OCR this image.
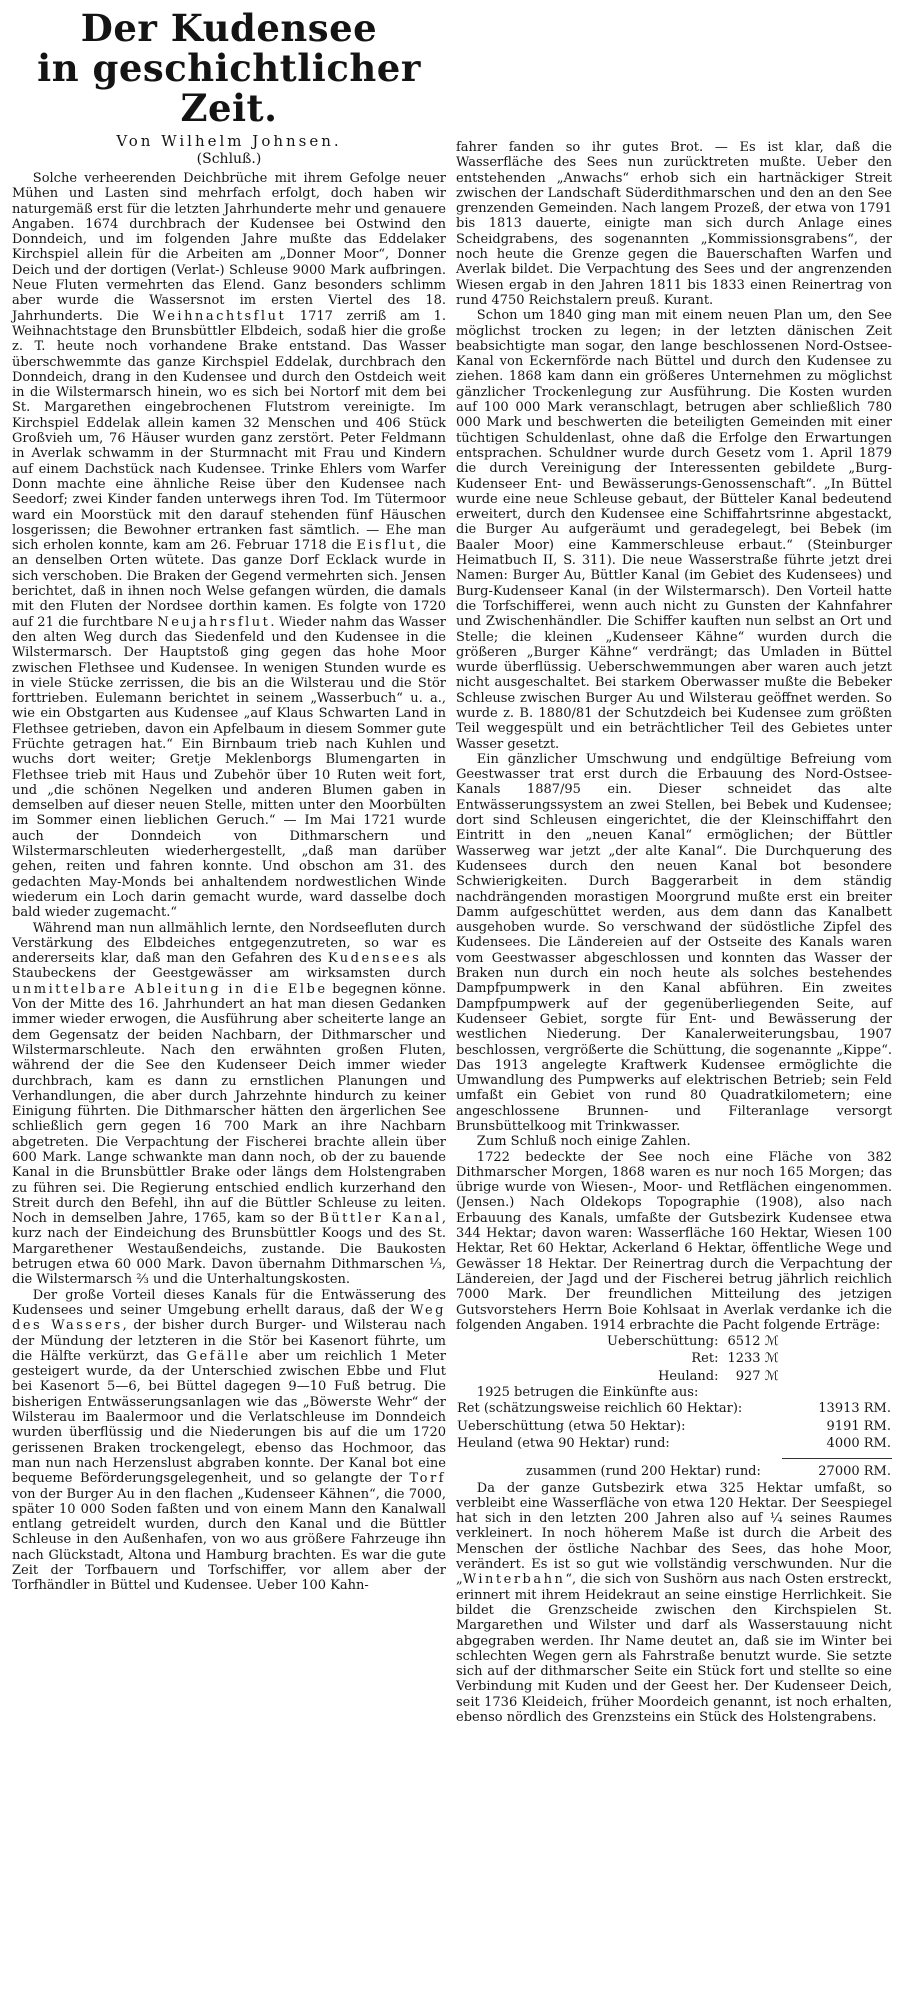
Der Kudensee
in geschichtlicher Zeit.
Von Wilhelm Johnsen.
(Schluß.)

Solche verheerenden Deichbrüche mit ihrem Gefolge neuer Mühen und Lasten sind mehrfach erfolgt, doch haben wir naturgemäß erst für die letzten Jahrhunderte mehr und genauere Angaben. 1674 durchbrach der Kudensee bei Ostwind den Donndeich, und im folgenden Jahre mußte das Eddelaker Kirchspiel allein für die Arbeiten am „Donner Moor“, Donner Deich und der dortigen (Verlat-) Schleuse 9000 Mark aufbringen. Neue Fluten vermehrten das Elend. Ganz besonders schlimm aber wurde die Wassersnot im ersten Viertel des 18. Jahrhunderts. Die Weihnachtsflut 1717 zerriß am 1. Weihnachtstage den Brunsbüttler Elbdeich, sodaß hier die große z. T. heute noch vorhandene Brake entstand. Das Wasser überschwemmte das ganze Kirchspiel Eddelak, durchbrach den Donndeich, drang in den Kudensee und durch den Ostdeich weit in die Wilstermarsch hinein, wo es sich bei Nortorf mit dem bei St. Margarethen eingebrochenen Flutstrom vereinigte. Im Kirchspiel Eddelak allein kamen 32 Menschen und 406 Stück Großvieh um, 76 Häuser wurden ganz zerstört. Peter Feldmann in Averlak schwamm in der Sturmnacht mit Frau und Kindern auf einem Dachstück nach Kudensee. Trinke Ehlers vom Warfer Donn machte eine ähnliche Reise über den Kudensee nach Seedorf; zwei Kinder fanden unterwegs ihren Tod. Im Tütermoor ward ein Moorstück mit den darauf stehenden fünf Häuschen losgerissen; die Bewohner ertranken fast sämtlich. — Ehe man sich erholen konnte, kam am 26. Februar 1718 die Eisflut, die an denselben Orten wütete. Das ganze Dorf Ecklack wurde in sich verschoben. Die Braken der Gegend vermehrten sich. Jensen berichtet, daß in ihnen noch Welse gefangen würden, die damals mit den Fluten der Nordsee dorthin kamen. Es folgte von 1720 auf 21 die furchtbare Neujahrsflut. Wieder nahm das Wasser den alten Weg durch das Siedenfeld und den Kudensee in die Wilstermarsch. Der Hauptstoß ging gegen das hohe Moor zwischen Flethsee und Kudensee. In wenigen Stunden wurde es in viele Stücke zerrissen, die bis an die Wilsterau und die Stör forttrieben. Eulemann berichtet in seinem „Wasserbuch“ u. a., wie ein Obstgarten aus Kudensee „auf Klaus Schwarten Land in Flethsee getrieben, davon ein Apfelbaum in diesem Sommer gute Früchte getragen hat.“ Ein Birnbaum trieb nach Kuhlen und wuchs dort weiter; Gretje Meklenborgs Blumengarten in Flethsee trieb mit Haus und Zubehör über 10 Ruten weit fort, und „die schönen Negelken und anderen Blumen gaben in demselben auf dieser neuen Stelle, mitten unter den Moorbülten im Sommer einen lieblichen Geruch.“ — Im Mai 1721 wurde auch der Donndeich von Dithmarschern und Wilstermarschleuten wiederhergestellt, „daß man darüber gehen, reiten und fahren konnte. Und obschon am 31. des gedachten May-Monds bei anhaltendem nordwestlichen Winde wiederum ein Loch darin gemacht wurde, ward dasselbe doch bald wieder zugemacht.“

Während man nun allmählich lernte, den Nordseefluten durch Verstärkung des Elbdeiches entgegenzutreten, so war es andererseits klar, daß man den Gefahren des Kudensees als Staubeckens der Geestgewässer am wirksamsten durch unmittelbare Ableitung in die Elbe begegnen könne. Von der Mitte des 16. Jahrhundert an hat man diesen Gedanken immer wieder erwogen, die Ausführung aber scheiterte lange an dem Gegensatz der beiden Nachbarn, der Dithmarscher und Wilstermarschleute. Nach den erwähnten großen Fluten, während der die See den Kudenseer Deich immer wieder durchbrach, kam es dann zu ernstlichen Planungen und Verhandlungen, die aber durch Jahrzehnte hindurch zu keiner Einigung führten. Die Dithmarscher hätten den ärgerlichen See schließlich gern gegen 16 700 Mark an ihre Nachbarn abgetreten. Die Verpachtung der Fischerei brachte allein über 600 Mark. Lange schwankte man dann noch, ob der zu bauende Kanal in die Brunsbüttler Brake oder längs dem Holstengraben zu führen sei. Die Regierung entschied endlich kurzerhand den Streit durch den Befehl, ihn auf die Büttler Schleuse zu leiten. Noch in demselben Jahre, 1765, kam so der Büttler Kanal, kurz nach der Eindeichung des Brunsbüttler Koogs und des St. Margarethener Westaußendeichs, zustande. Die Baukosten betrugen etwa 60 000 Mark. Davon übernahm Dithmarschen ⅓, die Wilstermarsch ⅔ und die Unterhaltungskosten.

Der große Vorteil dieses Kanals für die Entwässerung des Kudensees und seiner Umgebung erhellt daraus, daß der Weg des Wassers, der bisher durch Burger- und Wilsterau nach der Mündung der letzteren in die Stör bei Kasenort führte, um die Hälfte verkürzt, das Gefälle aber um reichlich 1 Meter gesteigert wurde, da der Unterschied zwischen Ebbe und Flut bei Kasenort 5—6, bei Büttel dagegen 9—10 Fuß betrug. Die bisherigen Entwässerungsanlagen wie das „Böwerste Wehr“ der Wilsterau im Baalermoor und die Verlatschleuse im Donndeich wurden überflüssig und die Niederungen bis auf die um 1720 gerissenen Braken trockengelegt, ebenso das Hochmoor, das man nun nach Herzenslust abgraben konnte. Der Kanal bot eine bequeme Beförderungsgelegenheit, und so gelangte der Torf von der Burger Au in den flachen „Kudenseer Kähnen“, die 7000, später 10 000 Soden faßten und von einem Mann den Kanalwall entlang getreidelt wurden, durch den Kanal und die Büttler Schleuse in den Außenhafen, von wo aus größere Fahrzeuge ihn nach Glückstadt, Altona und Hamburg brachten. Es war die gute Zeit der Torfbauern und Torfschiffer, vor allem aber der Torfhändler in Büttel und Kudensee. Ueber 100 Kahn-

fahrer fanden so ihr gutes Brot. — Es ist klar, daß die Wasserfläche des Sees nun zurücktreten mußte. Ueber den entstehenden „Anwachs“ erhob sich ein hartnäckiger Streit zwischen der Landschaft Süderdithmarschen und den an den See grenzenden Gemeinden. Nach langem Prozeß, der etwa von 1791 bis 1813 dauerte, einigte man sich durch Anlage eines Scheidgrabens, des sogenannten „Kommissionsgrabens“, der noch heute die Grenze gegen die Bauerschaften Warfen und Averlak bildet. Die Verpachtung des Sees und der angrenzenden Wiesen ergab in den Jahren 1811 bis 1833 einen Reinertrag von rund 4750 Reichstalern preuß. Kurant.

Schon um 1840 ging man mit einem neuen Plan um, den See möglichst trocken zu legen; in der letzten dänischen Zeit beabsichtigte man sogar, den lange beschlossenen Nord-Ostsee-Kanal von Eckernförde nach Büttel und durch den Kudensee zu ziehen. 1868 kam dann ein größeres Unternehmen zu möglichst gänzlicher Trockenlegung zur Ausführung. Die Kosten wurden auf 100 000 Mark veranschlagt, betrugen aber schließlich 780 000 Mark und beschwerten die beteiligten Gemeinden mit einer tüchtigen Schuldenlast, ohne daß die Erfolge den Erwartungen entsprachen. Schuldner wurde durch Gesetz vom 1. April 1879 die durch Vereinigung der Interessenten gebildete „Burg-Kudenseer Ent- und Bewässerungs-Genossenschaft“. „In Büttel wurde eine neue Schleuse gebaut, der Bütteler Kanal bedeutend erweitert, durch den Kudensee eine Schiffahrtsrinne abgestackt, die Burger Au aufgeräumt und geradegelegt, bei Bebek (im Baaler Moor) eine Kammerschleuse erbaut.“ (Steinburger Heimatbuch II, S. 311). Die neue Wasserstraße führte jetzt drei Namen: Burger Au, Büttler Kanal (im Gebiet des Kudensees) und Burg-Kudenseer Kanal (in der Wilstermarsch). Den Vorteil hatte die Torfschifferei, wenn auch nicht zu Gunsten der Kahnfahrer und Zwischenhändler. Die Schiffer kauften nun selbst an Ort und Stelle; die kleinen „Kudenseer Kähne“ wurden durch die größeren „Burger Kähne“ verdrängt; das Umladen in Büttel wurde überflüssig. Ueberschwemmungen aber waren auch jetzt nicht ausgeschaltet. Bei starkem Oberwasser mußte die Bebeker Schleuse zwischen Burger Au und Wilsterau geöffnet werden. So wurde z. B. 1880/81 der Schutzdeich bei Kudensee zum größten Teil weggespült und ein beträchtlicher Teil des Gebietes unter Wasser gesetzt.

Ein gänzlicher Umschwung und endgültige Befreiung vom Geestwasser trat erst durch die Erbauung des Nord-Ostsee-Kanals 1887/95 ein. Dieser schneidet das alte Entwässerungssystem an zwei Stellen, bei Bebek und Kudensee; dort sind Schleusen eingerichtet, die der Kleinschiffahrt den Eintritt in den „neuen Kanal“ ermöglichen; der Büttler Wasserweg war jetzt „der alte Kanal“. Die Durchquerung des Kudensees durch den neuen Kanal bot besondere Schwierigkeiten. Durch Baggerarbeit in dem ständig nachdrängenden morastigen Moorgrund mußte erst ein breiter Damm aufgeschüttet werden, aus dem dann das Kanalbett ausgehoben wurde. So verschwand der südöstliche Zipfel des Kudensees. Die Ländereien auf der Ostseite des Kanals waren vom Geestwasser abgeschlossen und konnten das Wasser der Braken nun durch ein noch heute als solches bestehendes Dampfpumpwerk in den Kanal abführen. Ein zweites Dampfpumpwerk auf der gegenüberliegenden Seite, auf Kudenseer Gebiet, sorgte für Ent- und Bewässerung der westlichen Niederung. Der Kanalerweiterungsbau, 1907 beschlossen, vergrößerte die Schüttung, die sogenannte „Kippe“. Das 1913 angelegte Kraftwerk Kudensee ermöglichte die Umwandlung des Pumpwerks auf elektrischen Betrieb; sein Feld umfaßt ein Gebiet von rund 80 Quadratkilometern; eine angeschlossene Brunnen- und Filteranlage versorgt Brunsbüttelkoog mit Trinkwasser.

Zum Schluß noch einige Zahlen.

1722 bedeckte der See noch eine Fläche von 382 Dithmarscher Morgen, 1868 waren es nur noch 165 Morgen; das übrige wurde von Wiesen-, Moor- und Retflächen eingenommen. (Jensen.) Nach Oldekops Topographie (1908), also nach Erbauung des Kanals, umfaßte der Gutsbezirk Kudensee etwa 344 Hektar; davon waren: Wasserfläche 160 Hektar, Wiesen 100 Hektar, Ret 60 Hektar, Ackerland 6 Hektar, öffentliche Wege und Gewässer 18 Hektar. Der Reinertrag durch die Verpachtung der Ländereien, der Jagd und der Fischerei betrug jährlich reichlich 7000 Mark. Der freundlichen Mitteilung des jetzigen Gutsvorstehers Herrn Boie Kohlsaat in Averlak verdanke ich die folgenden Angaben. 1914 erbrachte die Pacht folgende Erträge:

Ueberschüttung:	6512 ℳ
Ret:	1233 ℳ
Heuland:	927 ℳ

1925 betrugen die Einkünfte aus:

Ret (schätzungsweise reichlich 60 Hektar):	13913 RM.
Ueberschüttung (etwa 50 Hektar):	9191 RM.
Heuland (etwa 90 Hektar) rund:	4000 RM.

zusammen (rund 200 Hektar) rund:	27000 RM.

Da der ganze Gutsbezirk etwa 325 Hektar umfaßt, so verbleibt eine Wasserfläche von etwa 120 Hektar. Der Seespiegel hat sich in den letzten 200 Jahren also auf ¼ seines Raumes verkleinert. In noch höherem Maße ist durch die Arbeit des Menschen der östliche Nachbar des Sees, das hohe Moor, verändert. Es ist so gut wie vollständig verschwunden. Nur die „Winterbahn“, die sich von Sushörn aus nach Osten erstreckt, erinnert mit ihrem Heidekraut an seine einstige Herrlichkeit. Sie bildet die Grenzscheide zwischen den Kirchspielen St. Margarethen und Wilster und darf als Wasserstauung nicht abgegraben werden. Ihr Name deutet an, daß sie im Winter bei schlechten Wegen gern als Fahrstraße benutzt wurde. Sie setzte sich auf der dithmarscher Seite ein Stück fort und stellte so eine Verbindung mit Kuden und der Geest her. Der Kudenseer Deich, seit 1736 Kleideich, früher Moordeich genannt, ist noch erhalten, ebenso nördlich des Grenzsteins ein Stück des Holstengrabens.
